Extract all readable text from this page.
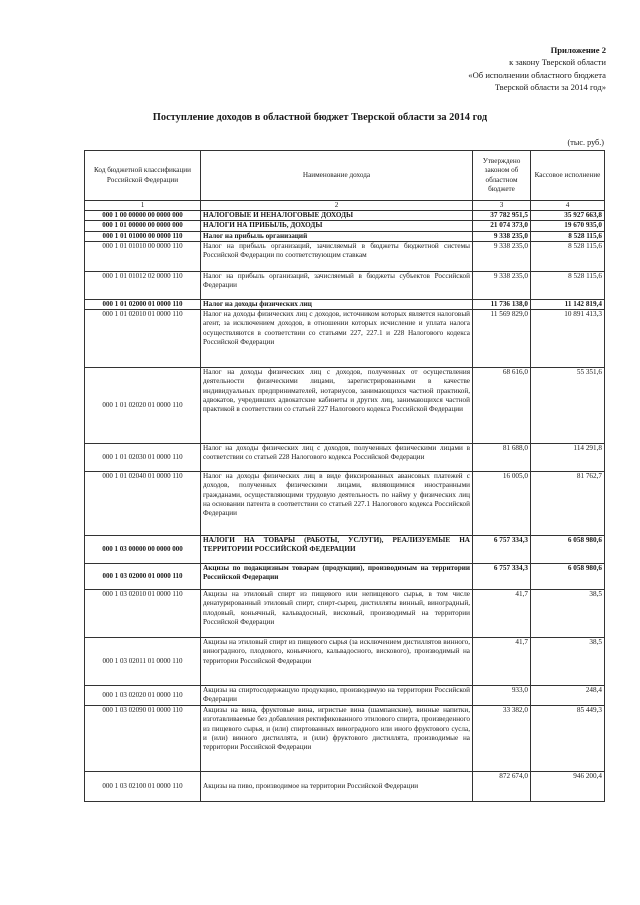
Приложение 2
к закону Тверской области
«Об исполнении областного бюджета
Тверской области за 2014 год»
Поступление доходов в областной бюджет Тверской области за 2014 год
(тыс. руб.)
Код бюджетной классификации Российской Федерации	Наименование дохода	Утверждено законом об областном бюджете	Кассовое исполнение
1	2	3	4
000 1 00 00000 00 0000 000	НАЛОГОВЫЕ И НЕНАЛОГОВЫЕ ДОХОДЫ	37 782 951,5	35 927 663,8
000 1 01 00000 00 0000 000	НАЛОГИ НА ПРИБЫЛЬ, ДОХОДЫ	21 074 373,0	19 670 935,0
000 1 01 01000 00 0000 110	Налог на прибыль организаций	9 338 235,0	8 528 115,6
000 1 01 01010 00 0000 110	Налог на прибыль организаций, зачисляемый в бюджеты бюджетной системы Российской Федерации по соответствующим ставкам	9 338 235,0	8 528 115,6
000 1 01 01012 02 0000 110	Налог на прибыль организаций, зачисляемый в бюджеты субъектов Российской Федерации	9 338 235,0	8 528 115,6
000 1 01 02000 01 0000 110	Налог на доходы физических лиц	11 736 138,0	11 142 819,4
000 1 01 02010 01 0000 110	Налог на доходы физических лиц с доходов, источником которых является налоговый агент, за исключением доходов, в отношении которых исчисление и уплата налога осуществляются в соответствии со статьями 227, 227.1 и 228 Налогового кодекса Российской Федерации	11 569 829,0	10 891 413,3
000 1 01 02020 01 0000 110	Налог на доходы физических лиц с доходов, полученных от осуществления деятельности физическими лицами, зарегистрированными в качестве индивидуальных предпринимателей, нотариусов, занимающихся частной практикой, адвокатов, учредивших адвокатские кабинеты и других лиц, занимающихся частной практикой в соответствии со статьей 227 Налогового кодекса Российской Федерации	68 616,0	55 351,6
000 1 01 02030 01 0000 110	Налог на доходы физических лиц с доходов, полученных физическими лицами в соответствии со статьей 228 Налогового кодекса Российской Федерации	81 688,0	114 291,8
000 1 01 02040 01 0000 110	Налог на доходы физических лиц в виде фиксированных авансовых платежей с доходов, полученных физическими лицами, являющимися иностранными гражданами, осуществляющими трудовую деятельность по найму у физических лиц на основании патента в соответствии со статьей 227.1 Налогового кодекса Российской Федерации	16 005,0	81 762,7
000 1 03 00000 00 0000 000	НАЛОГИ НА ТОВАРЫ (РАБОТЫ, УСЛУГИ), РЕАЛИЗУЕМЫЕ НА ТЕРРИТОРИИ РОССИЙСКОЙ ФЕДЕРАЦИИ	6 757 334,3	6 058 980,6
000 1 03 02000 01 0000 110	Акцизы по подакцизным товарам (продукции), производимым на территории Российской Федерации	6 757 334,3	6 058 980,6
000 1 03 02010 01 0000 110	Акцизы на этиловый спирт из пищевого или непищевого сырья, в том числе денатурированный этиловый спирт, спирт-сырец, дистилляты винный, виноградный, плодовый, коньячный, кальвадосный, висковый, производимый на территории Российской Федерации	41,7	38,5
000 1 03 02011 01 0000 110	Акцизы на этиловый спирт из пищевого сырья (за исключением дистиллятов винного, виноградного, плодового, коньячного, кальвадосного, вискового), производимый на территории Российской Федерации	41,7	38,5
000 1 03 02020 01 0000 110	Акцизы на спиртосодержащую продукцию, производимую на территории Российской Федерации	933,0	248,4
000 1 03 02090 01 0000 110	Акцизы на вина, фруктовые вина, игристые вина (шампанские), винные напитки, изготавливаемые без добавления ректификованного этилового спирта, произведенного из пищевого сырья, и (или) спиртованных виноградного или иного фруктового сусла, и (или) винного дистиллята, и (или) фруктового дистиллята, производимые на территории Российской Федерации	33 382,0	85 449,3
000 1 03 02100 01 0000 110	Акцизы на пиво, производимое на территории Российской Федерации	872 674,0	946 200,4
